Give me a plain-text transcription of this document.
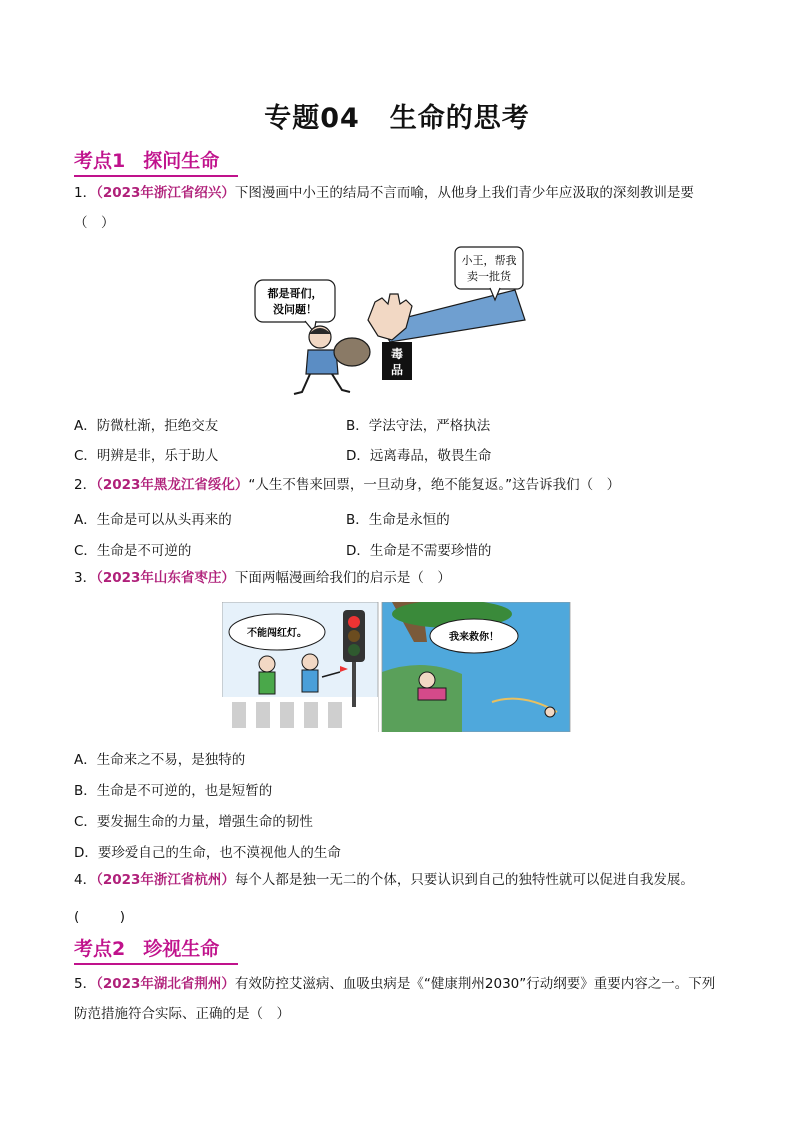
专题04 生命的思考
考点1 探问生命
1．（2023年浙江省绍兴）下图漫画中小王的结局不言而喻，从他身上我们青少年应汲取的深刻教训是要
（　）
小王，帮我
卖一批货
都是哥们，
没问题！
毒
品
A．防微杜渐，拒绝交友	B．学法守法，严格执法
C．明辨是非，乐于助人	D．远离毒品，敬畏生命
2．（2023年黑龙江省绥化）“人生不售来回票，一旦动身，绝不能复返。”这告诉我们（　）
A．生命是可以从头再来的	B．生命是永恒的
C．生命是不可逆的	D．生命是不需要珍惜的
3．（2023年山东省枣庄）下面两幅漫画给我们的启示是（　）
不能闯红灯。	我来救你！
A．生命来之不易，是独特的
B．生命是不可逆的，也是短暂的
C．要发掘生命的力量，增强生命的韧性
D．要珍爱自己的生命，也不漠视他人的生命
4．（2023年浙江省杭州）每个人都是独一无二的个体，只要认识到自己的独特性就可以促进自我发展。
(　　　)
考点2 珍视生命
5．（2023年湖北省荆州）有效防控艾滋病、血吸虫病是《“健康荆州2030”行动纲要》重要内容之一。下列
防范措施符合实际、正确的是（　）
